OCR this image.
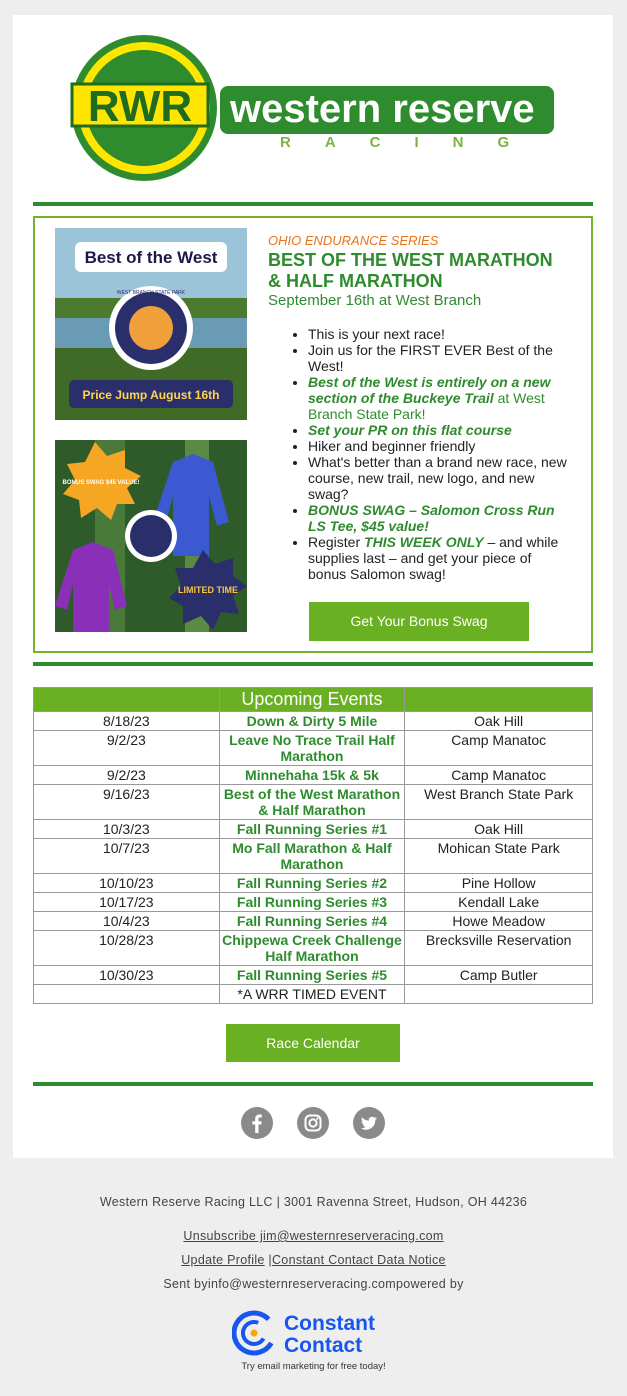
RWR western reserve
RACING
Best of the West
WEST BRANCH STATE PARK
Price Jump August 16th
BONUS SWAG $45 VALUE!
LIMITED TIME
OHIO ENDURANCE SERIES
BEST OF THE WEST MARATHON & HALF MARATHON
September 16th at West Branch
• This is your next race!
• Join us for the FIRST EVER Best of the West!
• Best of the West is entirely on a new section of the Buckeye Trail at West Branch State Park!
• Set your PR on this flat course
• Hiker and beginner friendly
• What's better than a brand new race, new course, new trail, new logo, and new swag?
• BONUS SWAG – Salomon Cross Run LS Tee, $45 value!
• Register THIS WEEK ONLY – and while supplies last – and get your piece of bonus Salomon swag!
Get Your Bonus Swag
	Upcoming Events	
8/18/23	Down & Dirty 5 Mile	Oak Hill
9/2/23	Leave No Trace Trail Half Marathon	Camp Manatoc
9/2/23	Minnehaha 15k & 5k	Camp Manatoc
9/16/23	Best of the West Marathon & Half Marathon	West Branch State Park
10/3/23	Fall Running Series #1	Oak Hill
10/7/23	Mo Fall Marathon & Half Marathon	Mohican State Park
10/10/23	Fall Running Series #2	Pine Hollow
10/17/23	Fall Running Series #3	Kendall Lake
10/4/23	Fall Running Series #4	Howe Meadow
10/28/23	Chippewa Creek Challenge Half Marathon	Brecksville Reservation
10/30/23	Fall Running Series #5	Camp Butler
	*A WRR TIMED EVENT	
Race Calendar
Western Reserve Racing LLC | 3001 Ravenna Street, Hudson, OH 44236
Unsubscribe jim@westernreserveracing.com
Update Profile |Constant Contact Data Notice
Sent byinfo@westernreserveracing.compowered by
Constant
Contact
Try email marketing for free today!
